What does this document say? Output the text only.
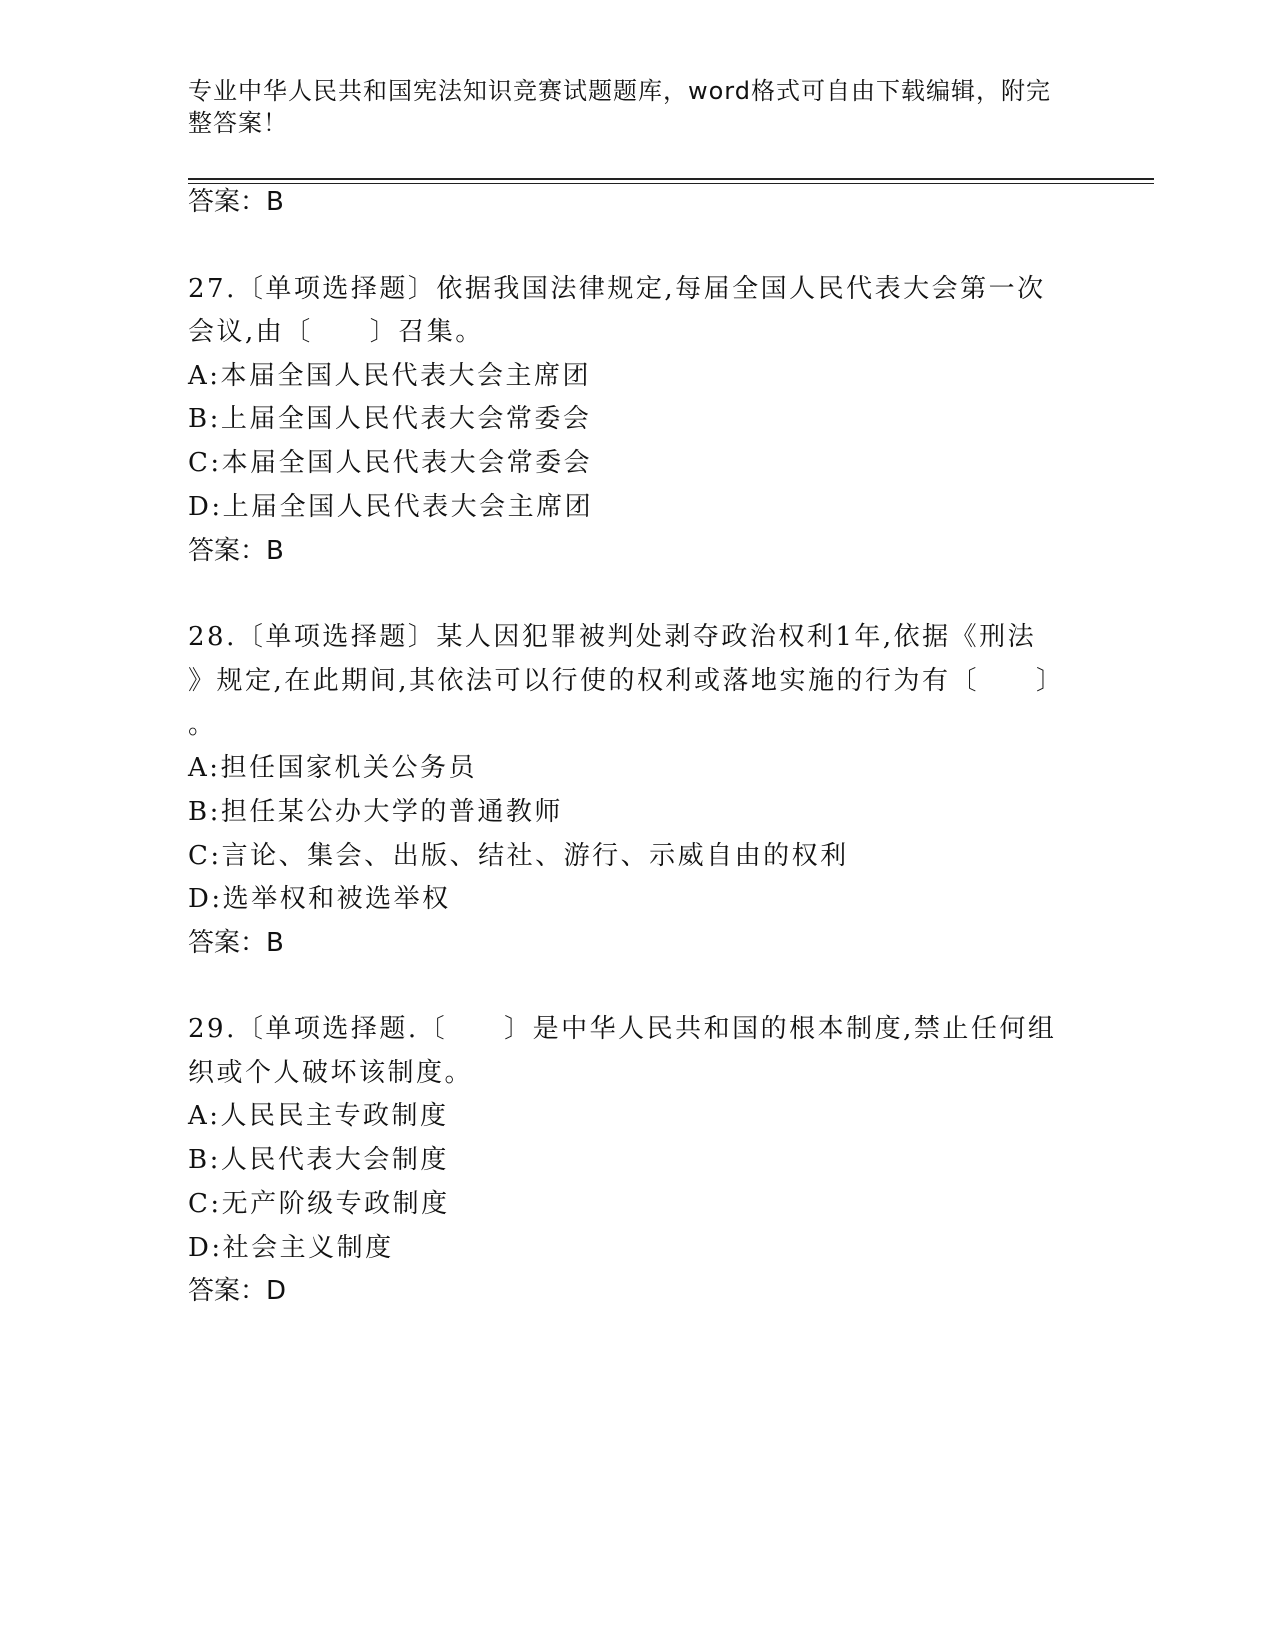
专业中华人民共和国宪法知识竞赛试题题库，word格式可自由下载编辑，附完整答案！
答案：B
27.〔单项选择题〕依据我国法律规定,每届全国人民代表大会第一次
会议,由〔　　〕召集。
A:本届全国人民代表大会主席团
B:上届全国人民代表大会常委会
C:本届全国人民代表大会常委会
D:上届全国人民代表大会主席团
答案：B
28.〔单项选择题〕某人因犯罪被判处剥夺政治权利1年,依据《刑法
》规定,在此期间,其依法可以行使的权利或落地实施的行为有〔　　〕
。
A:担任国家机关公务员
B:担任某公办大学的普通教师
C:言论、集会、出版、结社、游行、示威自由的权利
D:选举权和被选举权
答案：B
29.〔单项选择题.〔　　〕是中华人民共和国的根本制度,禁止任何组
织或个人破坏该制度。
A:人民民主专政制度
B:人民代表大会制度
C:无产阶级专政制度
D:社会主义制度
答案：D
